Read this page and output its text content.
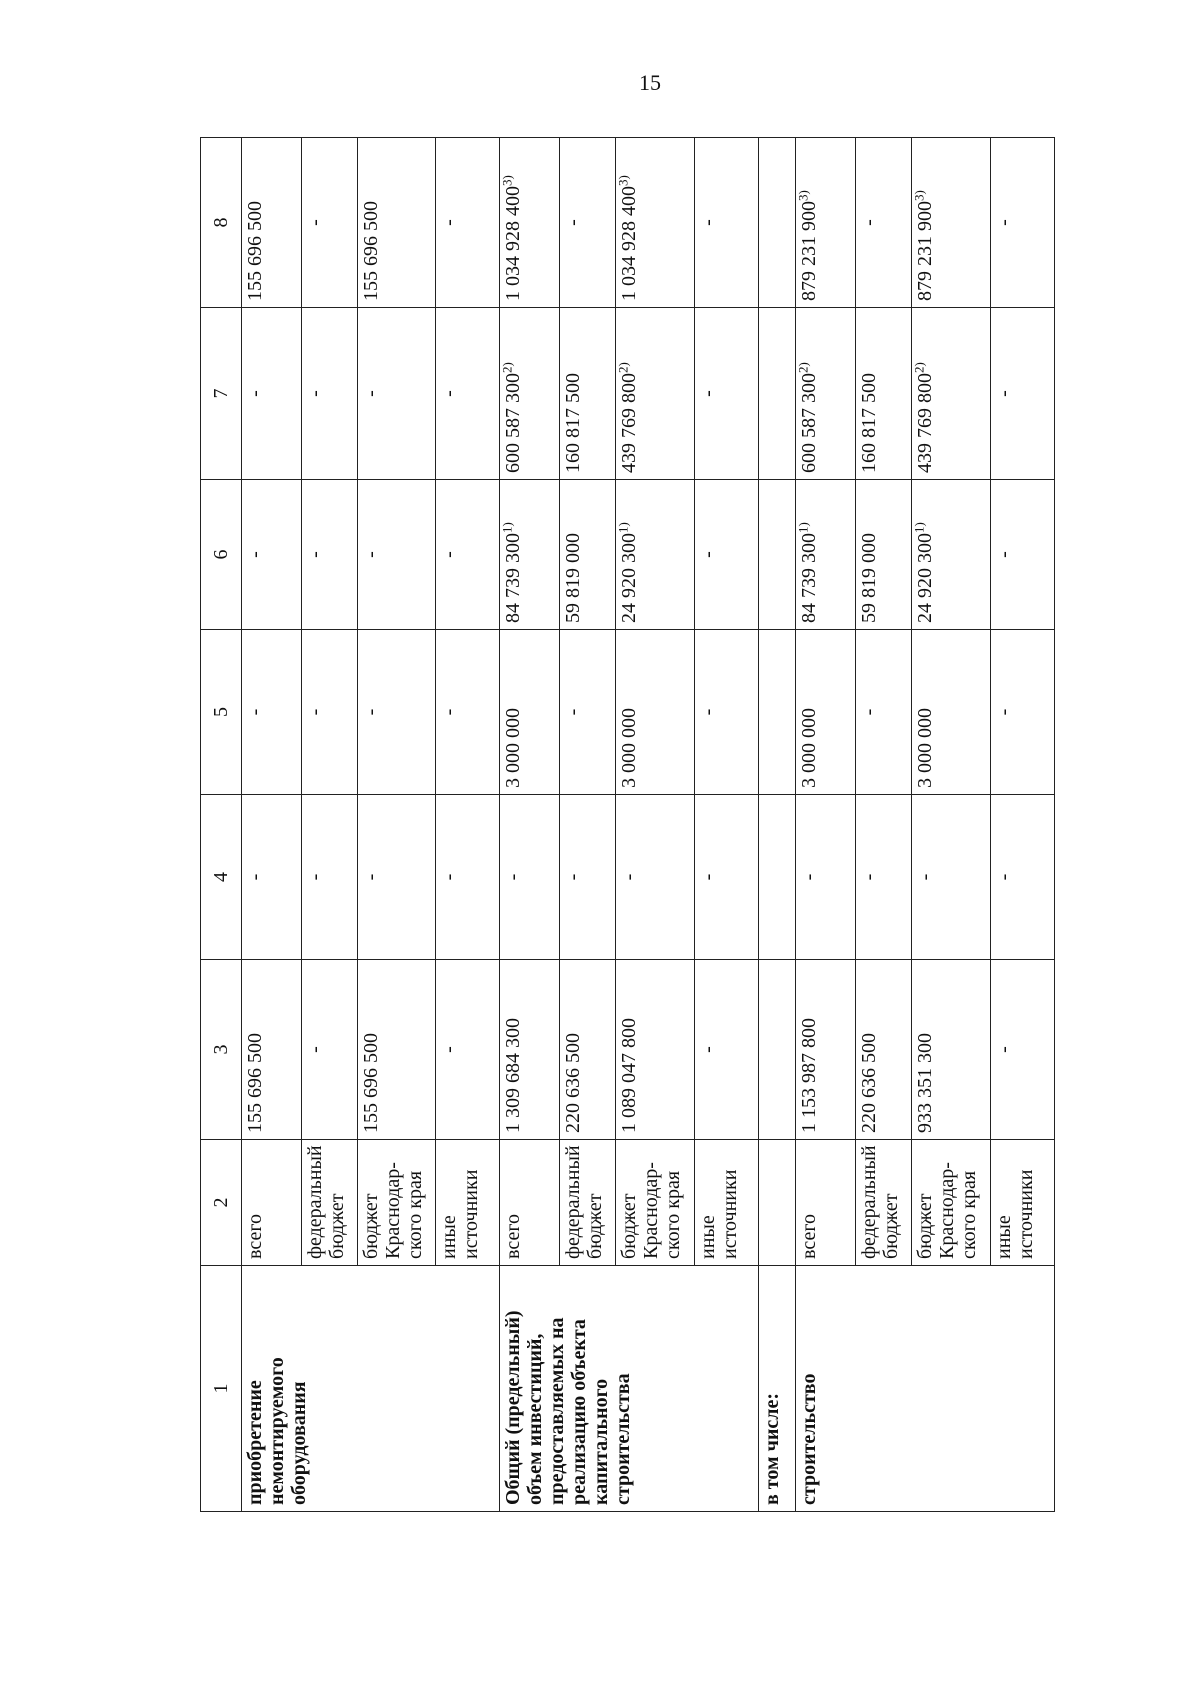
15
1	2	3	4	5	6	7	8
приобретение немонтируемого оборудования	всего	155 696 500	-	-	-	-	155 696 500
	федеральный бюджет	-	-	-	-	-	-
	бюджет Краснодар-ского края	155 696 500	-	-	-	-	155 696 500
	иные источники	-	-	-	-	-	-
Общий (предельный) объем инвестиций, предоставляемых на реализацию объекта капитального строительства	всего	1 309 684 300	-	3 000 000	84 739 300$^{1)}$	600 587 300$^{2)}$	1 034 928 400$^{3)}$
	федеральный бюджет	220 636 500	-	-	59 819 000	160 817 500	-
	бюджет Краснодар-ского края	1 089 047 800	-	3 000 000	24 920 300$^{1)}$	439 769 800$^{2)}$	1 034 928 400$^{3)}$
	иные источники	-	-	-	-	-	-
в том числе:							
строительство	всего	1 153 987 800	-	3 000 000	84 739 300$^{1)}$	600 587 300$^{2)}$	879 231 900$^{3)}$
	федеральный бюджет	220 636 500	-	-	59 819 000	160 817 500	-
	бюджет Краснодар-ского края	933 351 300	-	3 000 000	24 920 300$^{1)}$	439 769 800$^{2)}$	879 231 900$^{3)}$
	иные источники	-	-	-	-	-	-
